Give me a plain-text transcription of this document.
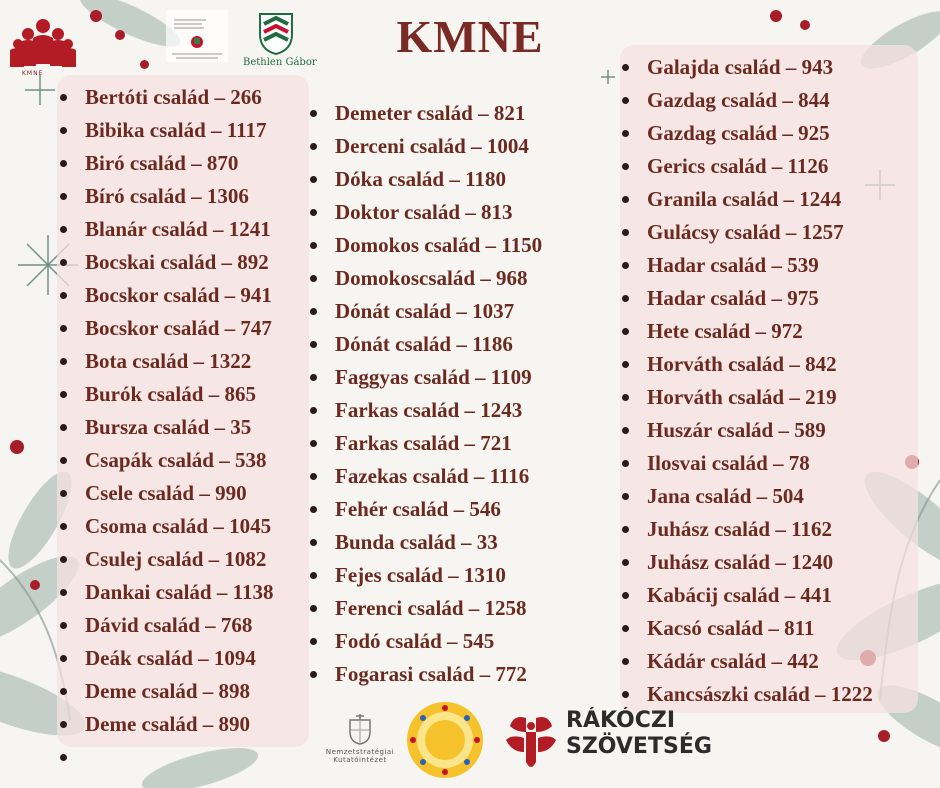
KMNE
Bethlen Gábor
KMNE
Bertóti család – 266
Bibika család – 1117
Biró család – 870
Bíró család – 1306
Blanár család – 1241
Bocskai család – 892
Bocskor család – 941
Bocskor család – 747
Bota család – 1322
Burók család – 865
Bursza család – 35
Csapák család – 538
Csele család – 990
Csoma család – 1045
Csulej család – 1082
Dankai család – 1138
Dávid család – 768
Deák család – 1094
Deme család – 898
Deme család – 890
Demeter család – 821
Derceni család – 1004
Dóka család – 1180
Doktor család – 813
Domokos család – 1150
Domokoscsalád – 968
Dónát család – 1037
Dónát család – 1186
Faggyas család – 1109
Farkas család – 1243
Farkas család – 721
Fazekas család – 1116
Fehér család – 546
Bunda család – 33
Fejes család – 1310
Ferenci család – 1258
Fodó család – 545
Fogarasi család – 772
Galajda család – 943
Gazdag család – 844
Gazdag család – 925
Gerics család – 1126
Granila család – 1244
Gulácsy család – 1257
Hadar család – 539
Hadar család – 975
Hete család – 972
Horváth család – 842
Horváth család – 219
Huszár család – 589
Ilosvai család – 78
Jana család – 504
Juhász család – 1162
Juhász család – 1240
Kabácij család – 441
Kacsó család – 811
Kádár család – 442
Kancsászki család – 1222
Nemzetstratégiai Kutatóintézet
RÁKÓCZI
SZÖVETSÉG
